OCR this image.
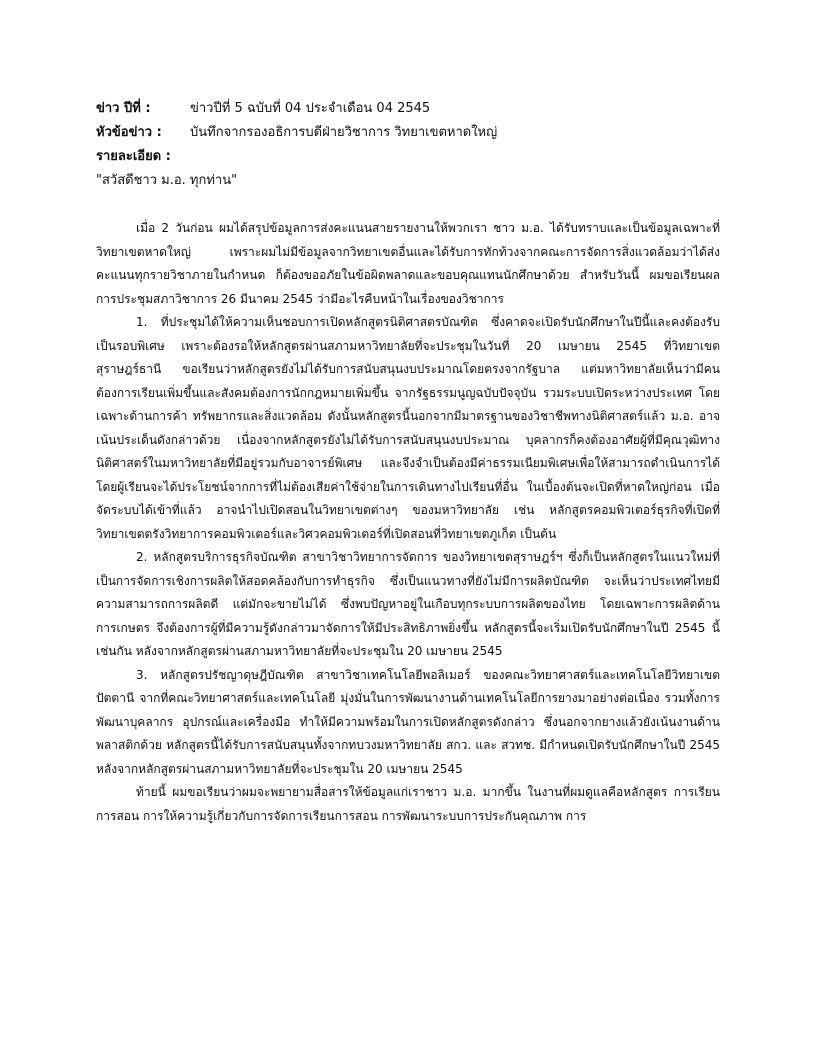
ข่าว ปีที่ :	ข่าวปีที่ 5 ฉบับที่ 04 ประจำเดือน 04 2545
หัวข้อข่าว :	บันทึกจากรองอธิการบดีฝ่ายวิชาการ วิทยาเขตหาดใหญ่
รายละเอียด :
"สวัสดีชาว ม.อ. ทุกท่าน"

เมื่อ 2 วันก่อน ผมได้สรุปข้อมูลการส่งคะแนนสายรายงานให้พวกเรา ชาว ม.อ. ได้รับทราบและเป็นข้อมูลเฉพาะที่วิทยาเขตหาดใหญ่ เพราะผมไม่มีข้อมูลจากวิทยาเขตอื่นและได้รับการทักท้วงจากคณะการจัดการสิ่งแวดล้อมว่าได้ส่งคะแนนทุกรายวิชาภายในกำหนด ก็ต้องขออภัยในข้อผิดพลาดและขอบคุณแทนนักศึกษาด้วย สำหรับวันนี้ ผมขอเรียนผลการประชุมสภาวิชาการ 26 มีนาคม 2545 ว่ามีอะไรคืบหน้าในเรื่องของวิชาการ

1. ที่ประชุมได้ให้ความเห็นชอบการเปิดหลักสูตรนิติศาสตรบัณฑิต ซึ่งคาดจะเปิดรับนักศึกษาในปีนี้และคงต้องรับเป็นรอบพิเศษ เพราะต้องรอให้หลักสูตรผ่านสภามหาวิทยาลัยที่จะประชุมในวันที่ 20 เมษายน 2545 ที่วิทยาเขตสุราษฎร์ธานี ขอเรียนว่าหลักสูตรยังไม่ได้รับการสนับสนุนงบประมาณโดยตรงจากรัฐบาล แต่มหาวิทยาลัยเห็นว่ามีคนต้องการเรียนเพิ่มขึ้นและสังคมต้องการนักกฎหมายเพิ่มขึ้น จากรัฐธรรมนูญฉบับปัจจุบัน รวมระบบเปิดระหว่างประเทศ โดยเฉพาะด้านการค้า ทรัพยากรและสิ่งแวดล้อม ดังนั้นหลักสูตรนี้นอกจากมีมาตรฐานของวิชาชีพทางนิติศาสตร์แล้ว ม.อ. อาจเน้นประเด็นดังกล่าวด้วย เนื่องจากหลักสูตรยังไม่ได้รับการสนับสนุนงบประมาณ บุคลากรก็คงต้องอาศัยผู้ที่มีคุณวุฒิทางนิติศาสตร์ในมหาวิทยาลัยที่มีอยู่รวมกับอาจารย์พิเศษ และจึงจำเป็นต้องมีค่าธรรมเนียมพิเศษเพื่อให้สามารถดำเนินการได้ โดยผู้เรียนจะได้ประโยชน์จากการที่ไม่ต้องเสียค่าใช้จ่ายในการเดินทางไปเรียนที่อื่น ในเบื้องต้นจะเปิดที่หาดใหญ่ก่อน เมื่อจัดระบบได้เข้าที่แล้ว อาจนำไปเปิดสอนในวิทยาเขตต่างๆ ของมหาวิทยาลัย เช่น หลักสูตรคอมพิวเตอร์ธุรกิจที่เปิดที่วิทยาเขตตรังวิทยาการคอมพิวเตอร์และวิศวคอมพิวเตอร์ที่เปิดสอนที่วิทยาเขตภูเก็ต เป็นต้น

2. หลักสูตรบริการธุรกิจบัณฑิต สาขาวิชาวิทยาการจัดการ ของวิทยาเขตสุราษฎร์ฯ ซึ่งก็เป็นหลักสูตรในแนวใหม่ที่เป็นการจัดการเชิงการผลิตให้สอดคล้องกับการทำธุรกิจ ซึ่งเป็นแนวทางที่ยังไม่มีการผลิตบัณฑิต จะเห็นว่าประเทศไทยมีความสามารถการผลิตดี แต่มักจะขายไม่ได้ ซึ่งพบปัญหาอยู่ในเกือบทุกระบบการผลิตของไทย โดยเฉพาะการผลิตด้านการเกษตร จึงต้องการผู้ที่มีความรู้ดังกล่าวมาจัดการให้มีประสิทธิภาพยิ่งขึ้น หลักสูตรนี้จะเริ่มเปิดรับนักศึกษาในปี 2545 นี้เช่นกัน หลังจากหลักสูตรผ่านสภามหาวิทยาลัยที่จะประชุมใน 20 เมษายน 2545

3. หลักสูตรปรัชญาดุษฎีบัณฑิต สาขาวิชาเทคโนโลยีพอลิเมอร์ ของคณะวิทยาศาสตร์และเทคโนโลยีวิทยาเขตปัตตานี จากที่คณะวิทยาศาสตร์และเทคโนโลยี มุ่งมั่นในการพัฒนางานด้านเทคโนโลยีการยางมาอย่างต่อเนื่อง รวมทั้งการพัฒนาบุคลากร อุปกรณ์และเครื่องมือ ทำให้มีความพร้อมในการเปิดหลักสูตรดังกล่าว ซึ่งนอกจากยางแล้วยังเน้นงานด้านพลาสติกด้วย หลักสูตรนี้ได้รับการสนับสนุนทั้งจากทบวงมหาวิทยาลัย สกว. และ สวทช. มีกำหนดเปิดรับนักศึกษาในปี 2545 หลังจากหลักสูตรผ่านสภามหาวิทยาลัยที่จะประชุมใน 20 เมษายน 2545

ท้ายนี้ ผมขอเรียนว่าผมจะพยายามสื่อสารให้ข้อมูลแก่เราชาว ม.อ. มากขึ้น ในงานที่ผมดูแลคือหลักสูตร การเรียนการสอน การให้ความรู้เกี่ยวกับการจัดการเรียนการสอน การพัฒนาระบบการประกันคุณภาพ การ
